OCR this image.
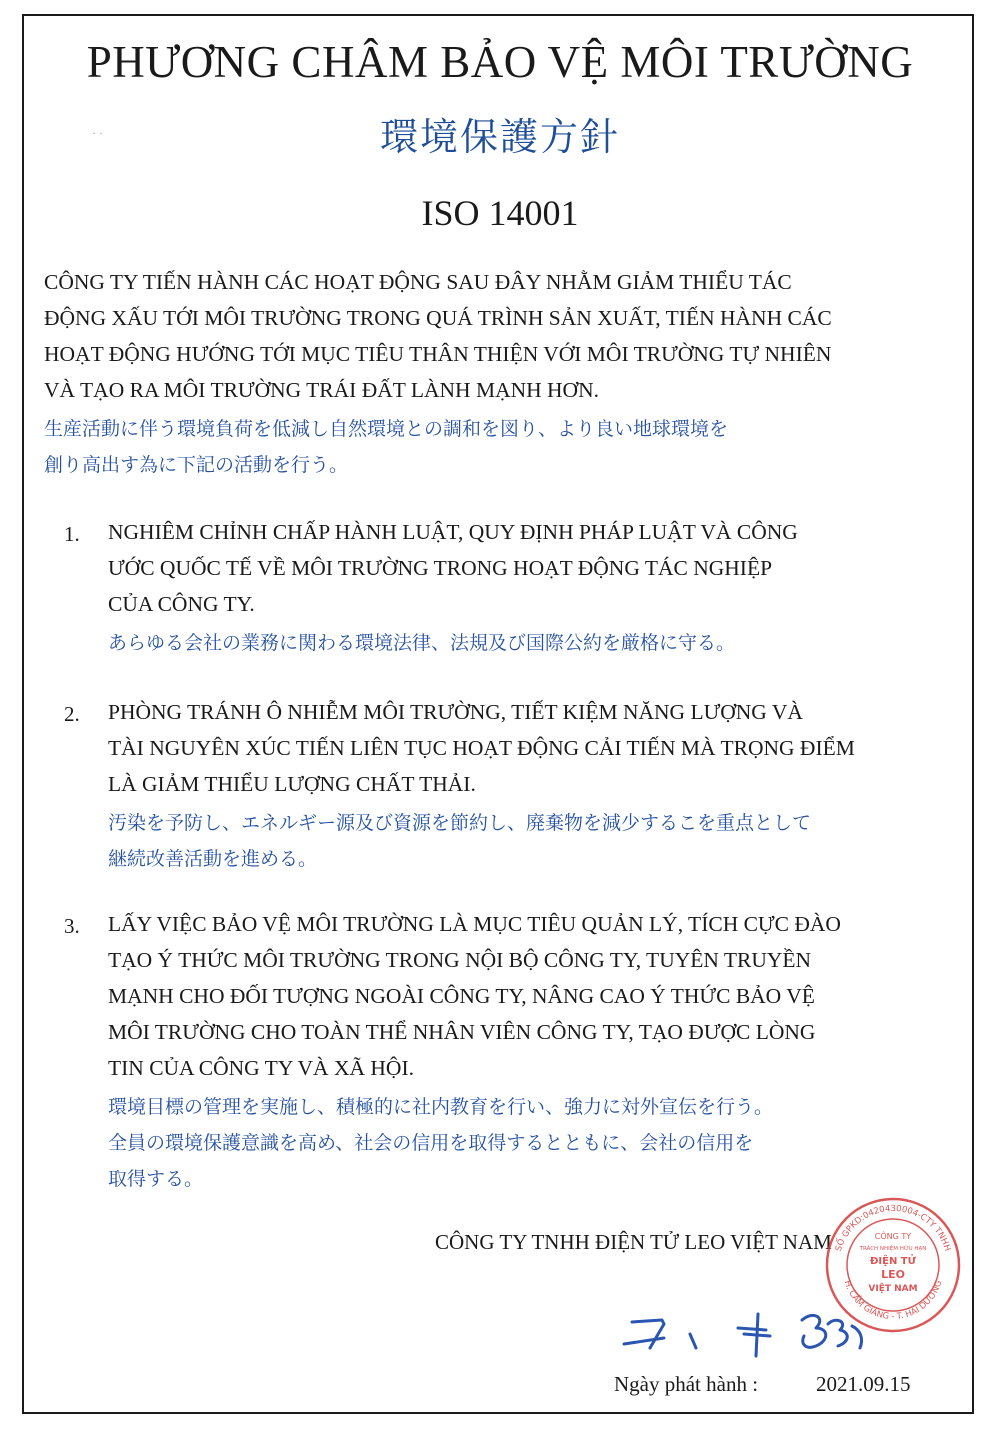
PHƯƠNG CHÂM BẢO VỆ MÔI TRƯỜNG
環境保護方針
· ·
ISO 14001
CÔNG TY TIẾN HÀNH CÁC HOẠT ĐỘNG SAU ĐÂY NHẰM GIẢM THIỂU TÁC
ĐỘNG XẤU TỚI MÔI TRƯỜNG TRONG QUÁ TRÌNH SẢN XUẤT, TIẾN HÀNH CÁC
HOẠT ĐỘNG HƯỚNG TỚI MỤC TIÊU THÂN THIỆN VỚI MÔI TRƯỜNG TỰ NHIÊN
VÀ TẠO RA MÔI TRƯỜNG TRÁI ĐẤT LÀNH MẠNH HƠN.
生産活動に伴う環境負荷を低減し自然環境との調和を図り、より良い地球環境を
創り高出す為に下記の活動を行う。
1. NGHIÊM CHỈNH CHẤP HÀNH LUẬT, QUY ĐỊNH PHÁP LUẬT VÀ CÔNG
ƯỚC QUỐC TẾ VỀ MÔI TRƯỜNG TRONG HOẠT ĐỘNG TÁC NGHIỆP
CỦA CÔNG TY.
あらゆる会社の業務に関わる環境法律、法規及び国際公約を厳格に守る。
2. PHÒNG TRÁNH Ô NHIỄM MÔI TRƯỜNG, TIẾT KIỆM NĂNG LƯỢNG VÀ
TÀI NGUYÊN XÚC TIẾN LIÊN TỤC HOẠT ĐỘNG CẢI TIẾN MÀ TRỌNG ĐIỂM
LÀ GIẢM THIỂU LƯỢNG CHẤT THẢI.
汚染を予防し、エネルギー源及び資源を節約し、廃棄物を減少するこを重点として
継続改善活動を進める。
3. LẤY VIỆC BẢO VỆ MÔI TRƯỜNG LÀ MỤC TIÊU QUẢN LÝ, TÍCH CỰC ĐÀO
TẠO Ý THỨC MÔI TRƯỜNG TRONG NỘI BỘ CÔNG TY, TUYÊN TRUYỀN
MẠNH CHO ĐỐI TƯỢNG NGOÀI CÔNG TY, NÂNG CAO Ý THỨC BẢO VỆ
MÔI TRƯỜNG CHO TOÀN THỂ NHÂN VIÊN CÔNG TY, TẠO ĐƯỢC LÒNG
TIN CỦA CÔNG TY VÀ XÃ HỘI.
環境目標の管理を実施し、積極的に社内教育を行い、強力に対外宣伝を行う。
全員の環境保護意識を高め、社会の信用を取得するとともに、会社の信用を
取得する。
CÔNG TY TNHH ĐIỆN TỬ LEO VIỆT NAM SỐ GPKD:0420430004-CTY TNHH
H. CẨM GIÀNG - T. HẢI DƯƠNG
CÔNG TY
TRÁCH NHIỆM HỮU HẠN
ĐIỆN TỬ
LEO
VIỆT NAM
Ngày phát hành :	2021.09.15
